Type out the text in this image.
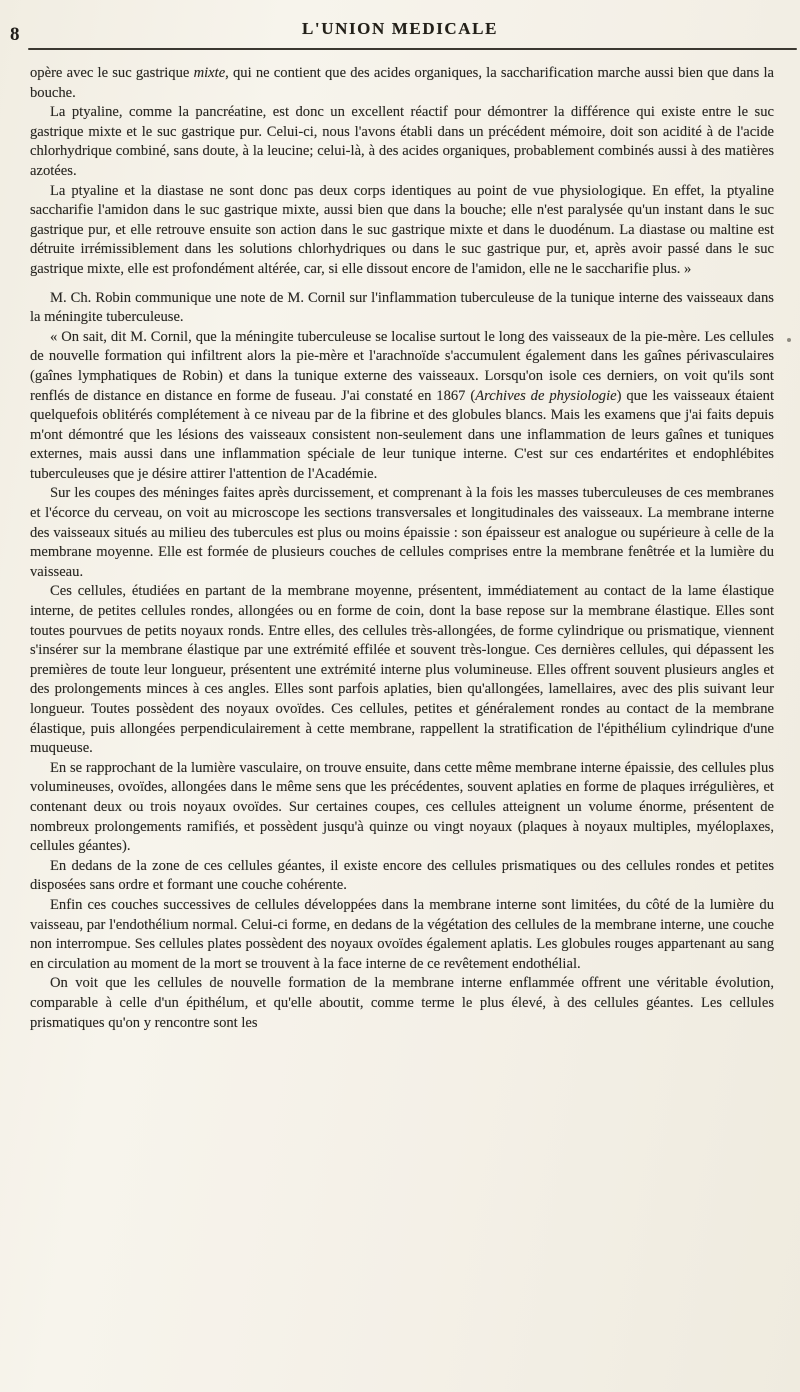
8	L'UNION MEDICALE

opère avec le suc gastrique mixte, qui ne contient que des acides organiques, la saccharification marche aussi bien que dans la bouche.

La ptyaline, comme la pancréatine, est donc un excellent réactif pour démontrer la différence qui existe entre le suc gastrique mixte et le suc gastrique pur. Celui-ci, nous l'avons établi dans un précédent mémoire, doit son acidité à de l'acide chlorhydrique combiné, sans doute, à la leucine; celui-là, à des acides organiques, probablement combinés aussi à des matières azotées.

La ptyaline et la diastase ne sont donc pas deux corps identiques au point de vue physiologique. En effet, la ptyaline saccharifie l'amidon dans le suc gastrique mixte, aussi bien que dans la bouche; elle n'est paralysée qu'un instant dans le suc gastrique pur, et elle retrouve ensuite son action dans le suc gastrique mixte et dans le duodénum. La diastase ou maltine est détruite irrémissiblement dans les solutions chlorhydriques ou dans le suc gastrique pur, et, après avoir passé dans le suc gastrique mixte, elle est profondément altérée, car, si elle dissout encore de l'amidon, elle ne le saccharifie plus. »

M. Ch. Robin communique une note de M. Cornil sur l'inflammation tuberculeuse de la tunique interne des vaisseaux dans la méningite tuberculeuse.

« On sait, dit M. Cornil, que la méningite tuberculeuse se localise surtout le long des vaisseaux de la pie-mère. Les cellules de nouvelle formation qui infiltrent alors la pie-mère et l'arachnoïde s'accumulent également dans les gaînes périvasculaires (gaînes lymphatiques de Robin) et dans la tunique externe des vaisseaux. Lorsqu'on isole ces derniers, on voit qu'ils sont renflés de distance en distance en forme de fuseau. J'ai constaté en 1867 (Archives de physiologie) que les vaisseaux étaient quelquefois oblitérés complétement à ce niveau par de la fibrine et des globules blancs. Mais les examens que j'ai faits depuis m'ont démontré que les lésions des vaisseaux consistent non-seulement dans une inflammation de leurs gaînes et tuniques externes, mais aussi dans une inflammation spéciale de leur tunique interne. C'est sur ces endartérites et endophlébites tuberculeuses que je désire attirer l'attention de l'Académie.

Sur les coupes des méninges faites après durcissement, et comprenant à la fois les masses tuberculeuses de ces membranes et l'écorce du cerveau, on voit au microscope les sections transversales et longitudinales des vaisseaux. La membrane interne des vaisseaux situés au milieu des tubercules est plus ou moins épaissie : son épaisseur est analogue ou supérieure à celle de la membrane moyenne. Elle est formée de plusieurs couches de cellules comprises entre la membrane fenêtrée et la lumière du vaisseau.

Ces cellules, étudiées en partant de la membrane moyenne, présentent, immédiatement au contact de la lame élastique interne, de petites cellules rondes, allongées ou en forme de coin, dont la base repose sur la membrane élastique. Elles sont toutes pourvues de petits noyaux ronds. Entre elles, des cellules très-allongées, de forme cylindrique ou prismatique, viennent s'insérer sur la membrane élastique par une extrémité effilée et souvent très-longue. Ces dernières cellules, qui dépassent les premières de toute leur longueur, présentent une extrémité interne plus volumineuse. Elles offrent souvent plusieurs angles et des prolongements minces à ces angles. Elles sont parfois aplaties, bien qu'allongées, lamellaires, avec des plis suivant leur longueur. Toutes possèdent des noyaux ovoïdes. Ces cellules, petites et généralement rondes au contact de la membrane élastique, puis allongées perpendiculairement à cette membrane, rappellent la stratification de l'épithélium cylindrique d'une muqueuse.

En se rapprochant de la lumière vasculaire, on trouve ensuite, dans cette même membrane interne épaissie, des cellules plus volumineuses, ovoïdes, allongées dans le même sens que les précédentes, souvent aplaties en forme de plaques irrégulières, et contenant deux ou trois noyaux ovoïdes. Sur certaines coupes, ces cellules atteignent un volume énorme, présentent de nombreux prolongements ramifiés, et possèdent jusqu'à quinze ou vingt noyaux (plaques à noyaux multiples, myéloplaxes, cellules géantes).

En dedans de la zone de ces cellules géantes, il existe encore des cellules prismatiques ou des cellules rondes et petites disposées sans ordre et formant une couche cohérente.

Enfin ces couches successives de cellules développées dans la membrane interne sont limitées, du côté de la lumière du vaisseau, par l'endothélium normal. Celui-ci forme, en dedans de la végétation des cellules de la membrane interne, une couche non interrompue. Ses cellules plates possèdent des noyaux ovoïdes également aplatis. Les globules rouges appartenant au sang en circulation au moment de la mort se trouvent à la face interne de ce revêtement endothélial.

On voit que les cellules de nouvelle formation de la membrane interne enflammée offrent une véritable évolution, comparable à celle d'un épithélum, et qu'elle aboutit, comme terme le plus élevé, à des cellules géantes. Les cellules prismatiques qu'on y rencontre sont les
